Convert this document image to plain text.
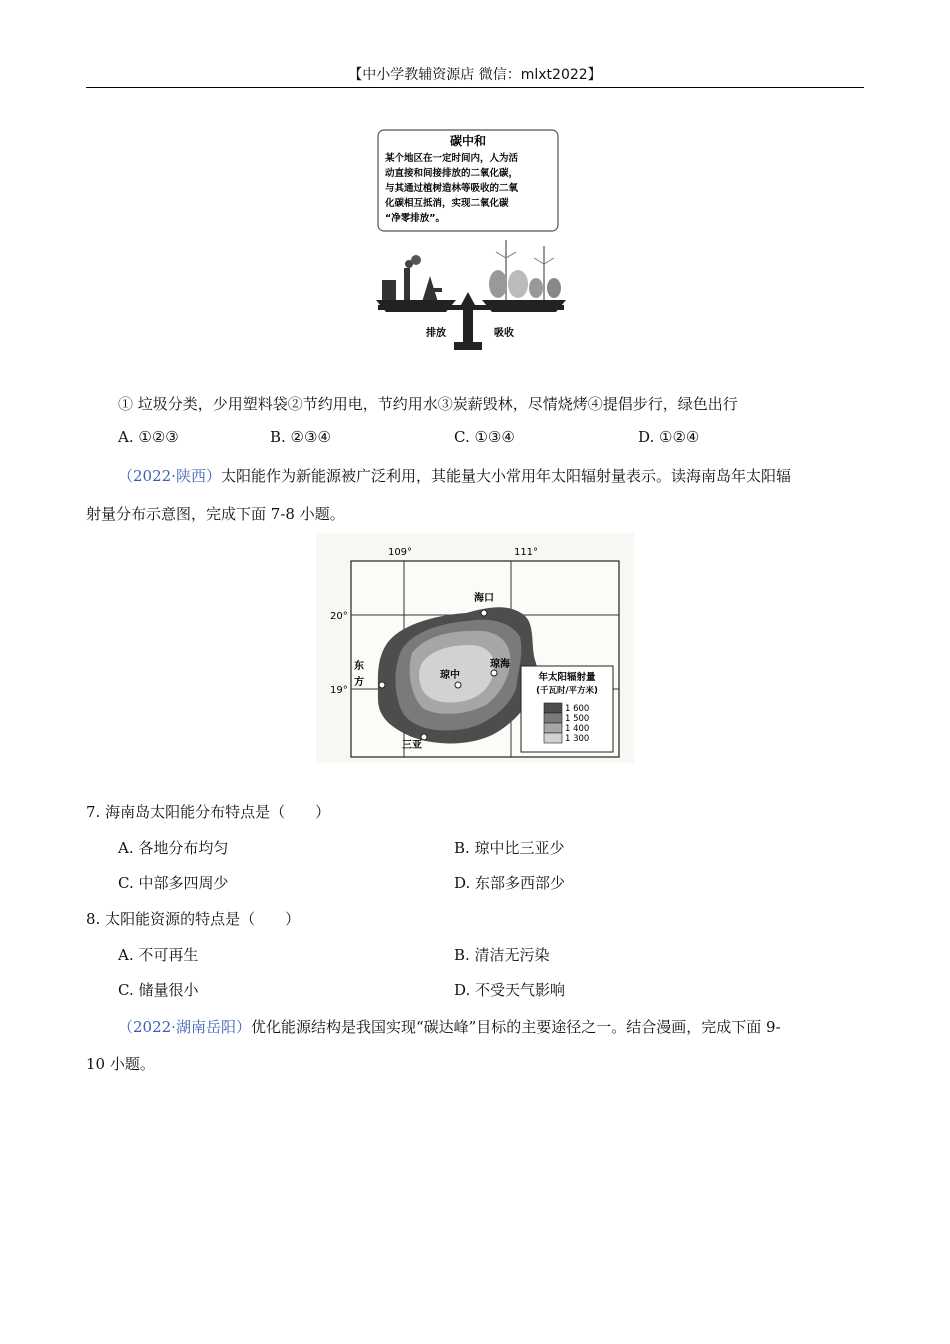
【中小学教辅资源店 微信：mlxt2022】
碳中和
某个地区在一定时间内，人为活
动直接和间接排放的二氧化碳，
与其通过植树造林等吸收的二氧
化碳相互抵消，实现二氧化碳
“净零排放”。
排放	吸收
① 垃圾分类，少用塑料袋②节约用电，节约用水③炭薪毁林，尽情烧烤④提倡步行，绿色出行
A. ①②③	B. ②③④	C. ①③④	D. ①②④
（2022·陕西）太阳能作为新能源被广泛利用，其能量大小常用年太阳辐射量表示。读海南岛年太阳辐
射量分布示意图，完成下面 7-8 小题。
109°	111°
20°
19°
海口
琼海
琼中
东
方
三亚
年太阳辐射量
(千瓦时/平方米)
1 600
1 500
1 400
1 300
7. 海南岛太阳能分布特点是（　　）
A. 各地分布均匀	B. 琼中比三亚少
C. 中部多四周少	D. 东部多西部少
8. 太阳能资源的特点是（　　）
A. 不可再生	B. 清洁无污染
C. 储量很小	D. 不受天气影响
（2022·湖南岳阳）优化能源结构是我国实现“碳达峰”目标的主要途径之一。结合漫画，完成下面 9-
10 小题。
